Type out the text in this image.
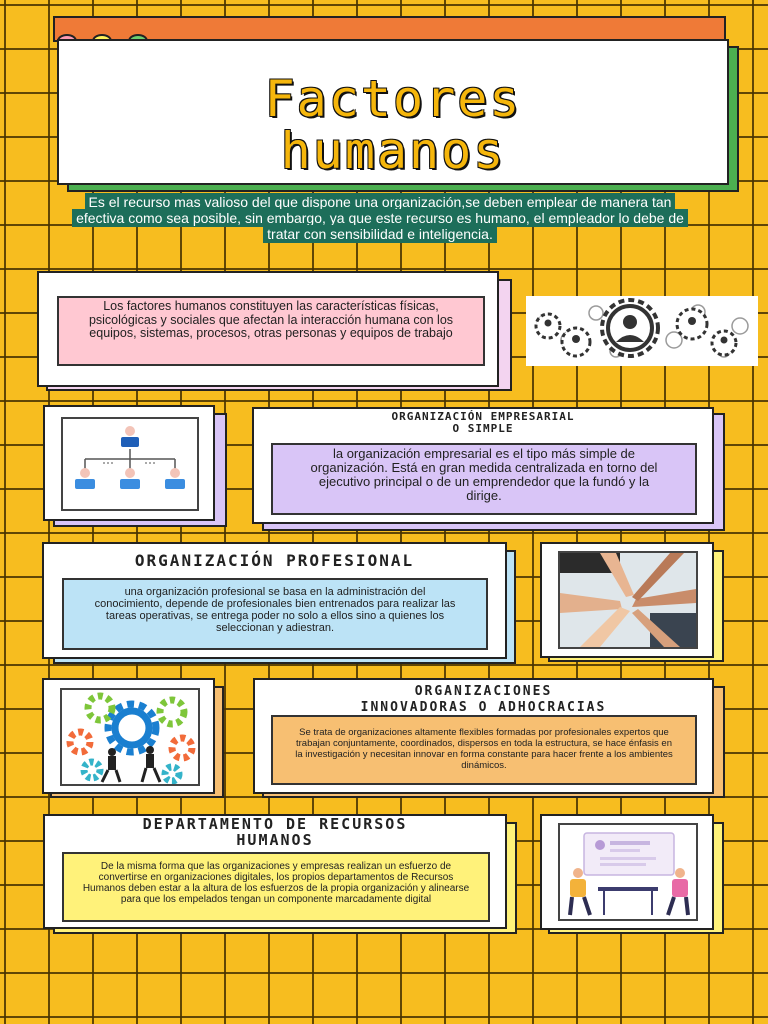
Factores
humanos
Es el recurso mas valioso del que dispone una organización,se deben emplear de manera tan efectiva como sea posible, sin embargo, ya que este recurso es humano, el empleador lo debe de tratar con sensibilidad e inteligencia.
Los factores humanos constituyen las características físicas, psicológicas y sociales que afectan la interacción humana con los equipos, sistemas, procesos, otras personas y equipos de trabajo
ORGANIZACIÓN EMPRESARIAL
O SIMPLE
la organización empresarial es el tipo más simple de organización. Está en gran medida centralizada en torno del ejecutivo principal o de un emprendedor que la fundó y la dirige.
ORGANIZACIÓN PROFESIONAL
una organización profesional se basa en la administración del conocimiento, depende de profesionales bien entrenados para realizar las tareas operativas, se entrega poder no solo a ellos sino a quienes los seleccionan y adiestran.
ORGANIZACIONES
INNOVADORAS O ADHOCRACIAS
Se trata de organizaciones altamente flexibles formadas por profesionales expertos que trabajan conjuntamente, coordinados, dispersos en toda la estructura, se hace énfasis en la investigación y necesitan innovar en forma constante para hacer frente a los ambientes dinámicos.
DEPARTAMENTO DE RECURSOS
HUMANOS
De la misma forma que las organizaciones y empresas realizan un esfuerzo de convertirse en organizaciones digitales, los propios departamentos de Recursos Humanos deben estar a la altura de los esfuerzos de la propia organización y alinearse para que los empelados tengan un componente marcadamente digital
